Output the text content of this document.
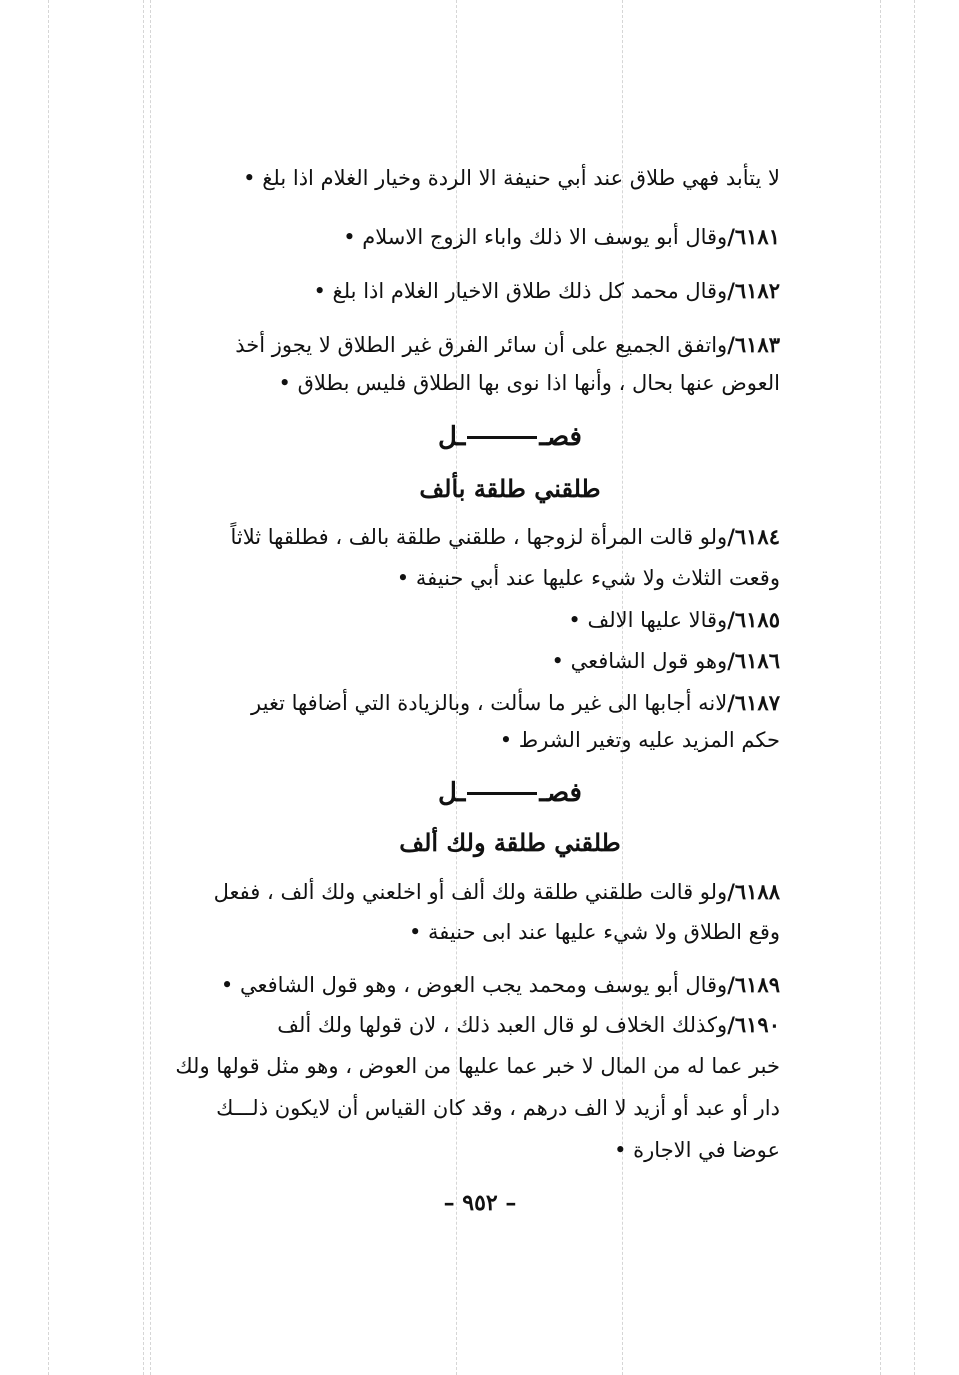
لا يتأبد فهي طلاق عند أبي حنيفة الا الردة وخيار الغلام اذا بلغ •
٦١٨١/وقال أبو يوسف الا ذلك واباء الزوج الاسلام •
٦١٨٢/وقال محمد كل ذلك طلاق الاخيار الغلام اذا بلغ •
٦١٨٣/واتفق الجميع على أن سائر الفرق غير الطلاق لا يجوز أخذ
العوض عنها بحال ، وأنها اذا نوى بها الطلاق فليس بطلاق •
فصــل
طلقني طلقة بألف
٦١٨٤/ولو قالت المرأة لزوجها ، طلقني طلقة بالف ، فطلقها ثلاثاً
وقعت الثلاث ولا شيء عليها عند أبي حنيفة •
٦١٨٥/وقالا عليها الالف •
٦١٨٦/وهو قول الشافعي •
٦١٨٧/لانه أجابها الى غير ما سألت ، وبالزيادة التي أضافها تغير
حكم المزيد عليه وتغير الشرط •
فصــل
طلقني طلقة ولك ألف
٦١٨٨/ولو قالت طلقني طلقة ولك ألف أو اخلعني ولك ألف ، ففعل
وقع الطلاق ولا شيء عليها عند ابى حنيفة •
٦١٨٩/وقال أبو يوسف ومحمد يجب العوض ، وهو قول الشافعي •
٦١٩٠/وكذلك الخلاف لو قال العبد ذلك ، لان قولها ولك ألف
خبر عما له من المال لا خبر عما عليها من العوض ، وهو مثل قولها ولك
دار أو عبد أو أزيد لا الف درهم ، وقد كان القياس أن لايكون ذلـــك
عوضا في الاجارة •
– ٩٥٢ –
